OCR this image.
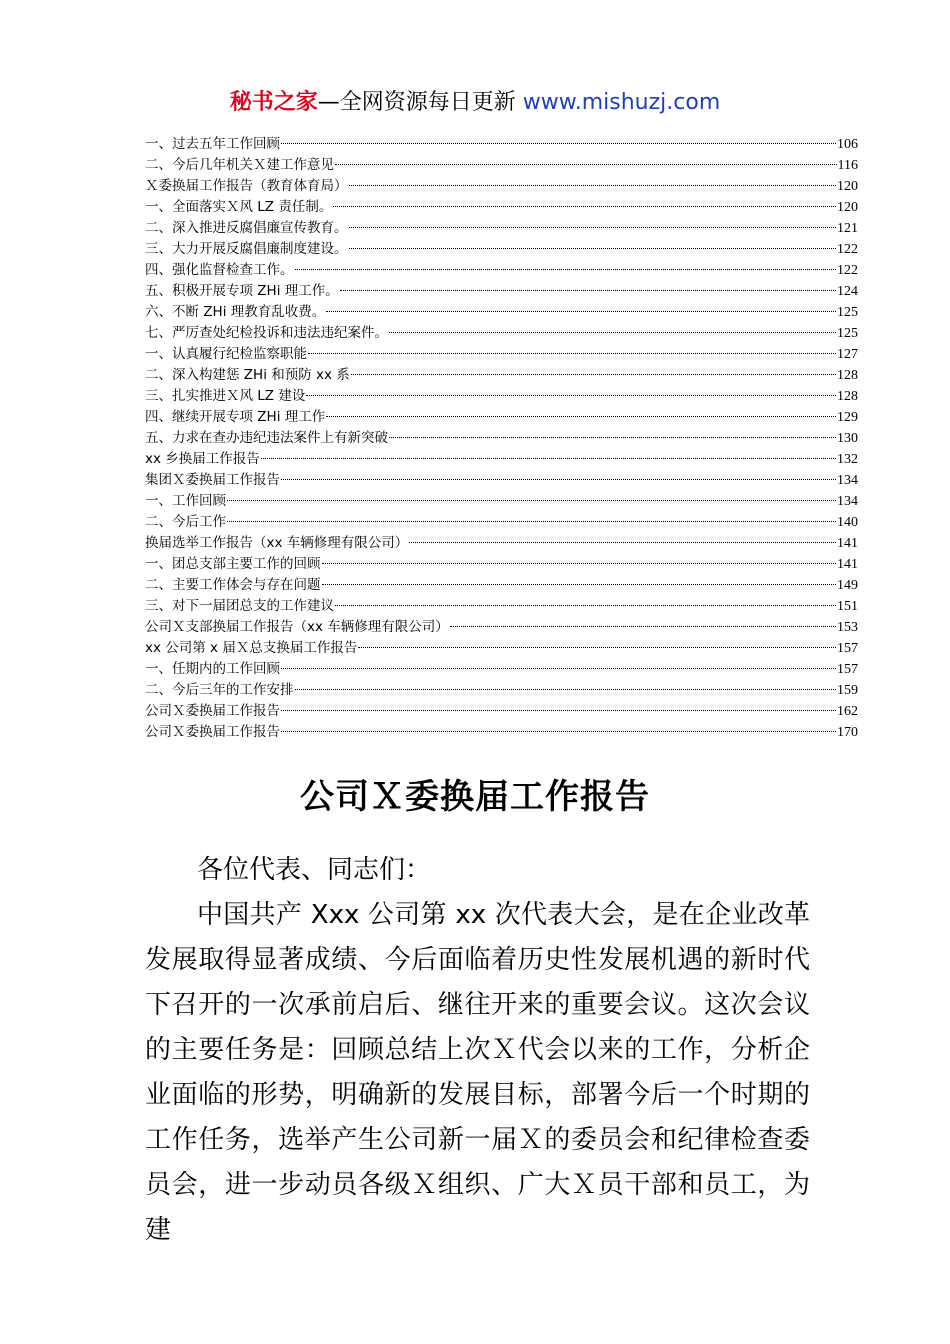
秘书之家—全网资源每日更新 www.mishuzj.com
一、过去五年工作回顾	106
二、今后几年机关Ｘ建工作意见	116
Ｘ委换届工作报告（教育体育局）	120
一、全面落实Ｘ风 LZ 责任制。	120
二、深入推进反腐倡廉宣传教育。	121
三、大力开展反腐倡廉制度建设。	122
四、强化监督检查工作。	122
五、积极开展专项 ZHi 理工作。	124
六、不断 ZHi 理教育乱收费。	125
七、严厉查处纪检投诉和违法违纪案件。	125
一、认真履行纪检监察职能	127
二、深入构建惩 ZHi 和预防 xx 系	128
三、扎实推进Ｘ风 LZ 建设	128
四、继续开展专项 ZHi 理工作	129
五、力求在查办违纪违法案件上有新突破	130
xx 乡换届工作报告	132
集团Ｘ委换届工作报告	134
一、工作回顾	134
二、今后工作	140
换届选举工作报告（xx 车辆修理有限公司）	141
一、团总支部主要工作的回顾	141
二、主要工作体会与存在问题	149
三、对下一届团总支的工作建议	151
公司Ｘ支部换届工作报告（xx 车辆修理有限公司）	153
xx 公司第 x 届Ｘ总支换届工作报告	157
一、任期内的工作回顾	157
二、今后三年的工作安排	159
公司Ｘ委换届工作报告	162
公司Ｘ委换届工作报告	170
公司Ｘ委换届工作报告

各位代表、同志们：

中国共产 Xxx 公司第 xx 次代表大会，是在企业改革发展取得显著成绩、今后面临着历史性发展机遇的新时代下召开的一次承前启后、继往开来的重要会议。这次会议的主要任务是：回顾总结上次Ｘ代会以来的工作，分析企业面临的形势，明确新的发展目标，部署今后一个时期的工作任务，选举产生公司新一届Ｘ的委员会和纪律检查委员会，进一步动员各级Ｘ组织、广大Ｘ员干部和员工，为建
